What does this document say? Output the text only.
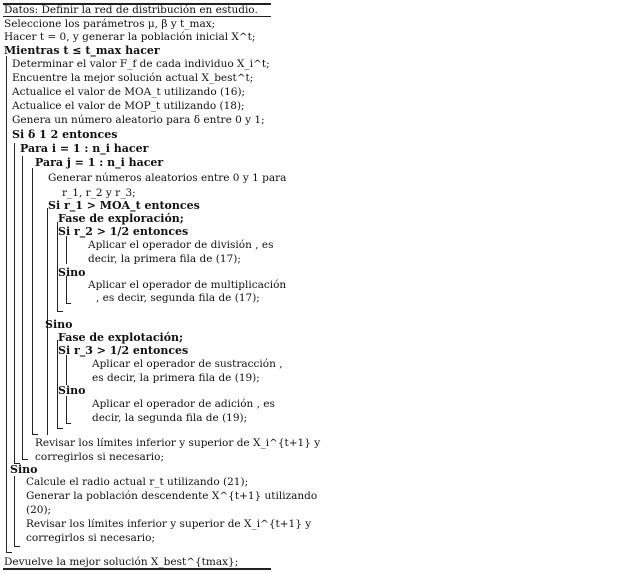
Datos: Definir la red de distribución en estudio.
Seleccione los parámetros μ, β y t_max;
Hacer t = 0, y generar la población inicial X^t;
Mientras t ≤ t_max hacer
Determinar el valor F_f de cada individuo X_i^t;
Encuentre la mejor solución actual X_best^t;
Actualice el valor de MOA_t utilizando (16);
Actualice el valor de MOP_t utilizando (18);
Genera un número aleatorio para δ entre 0 y 1;
Si δ 1 2 entonces
Para i = 1 : n_i hacer
Para j = 1 : n_i hacer
Generar números aleatorios entre 0 y 1 para
r_1, r_2 y r_3;
Si r_1 > MOA_t entonces
Fase de exploración;
Si r_2 > 1/2 entonces
Aplicar el operador de división , es
decir, la primera fila de (17);
Sino
Aplicar el operador de multiplicación
, es decir, segunda fila de (17);
Sino
Fase de explotación;
Si r_3 > 1/2 entonces
Aplicar el operador de sustracción ,
es decir, la primera fila de (19);
Sino
Aplicar el operador de adición , es
decir, la segunda fila de (19);
Revisar los límites inferior y superior de X_i^{t+1} y
corregirlos si necesario;
Sino
Calcule el radio actual r_t utilizando (21);
Generar la población descendente X^{t+1} utilizando
(20);
Revisar los límites inferior y superior de X_i^{t+1} y
corregirlos si necesario;
Devuelve la mejor solución X_best^{tmax};
